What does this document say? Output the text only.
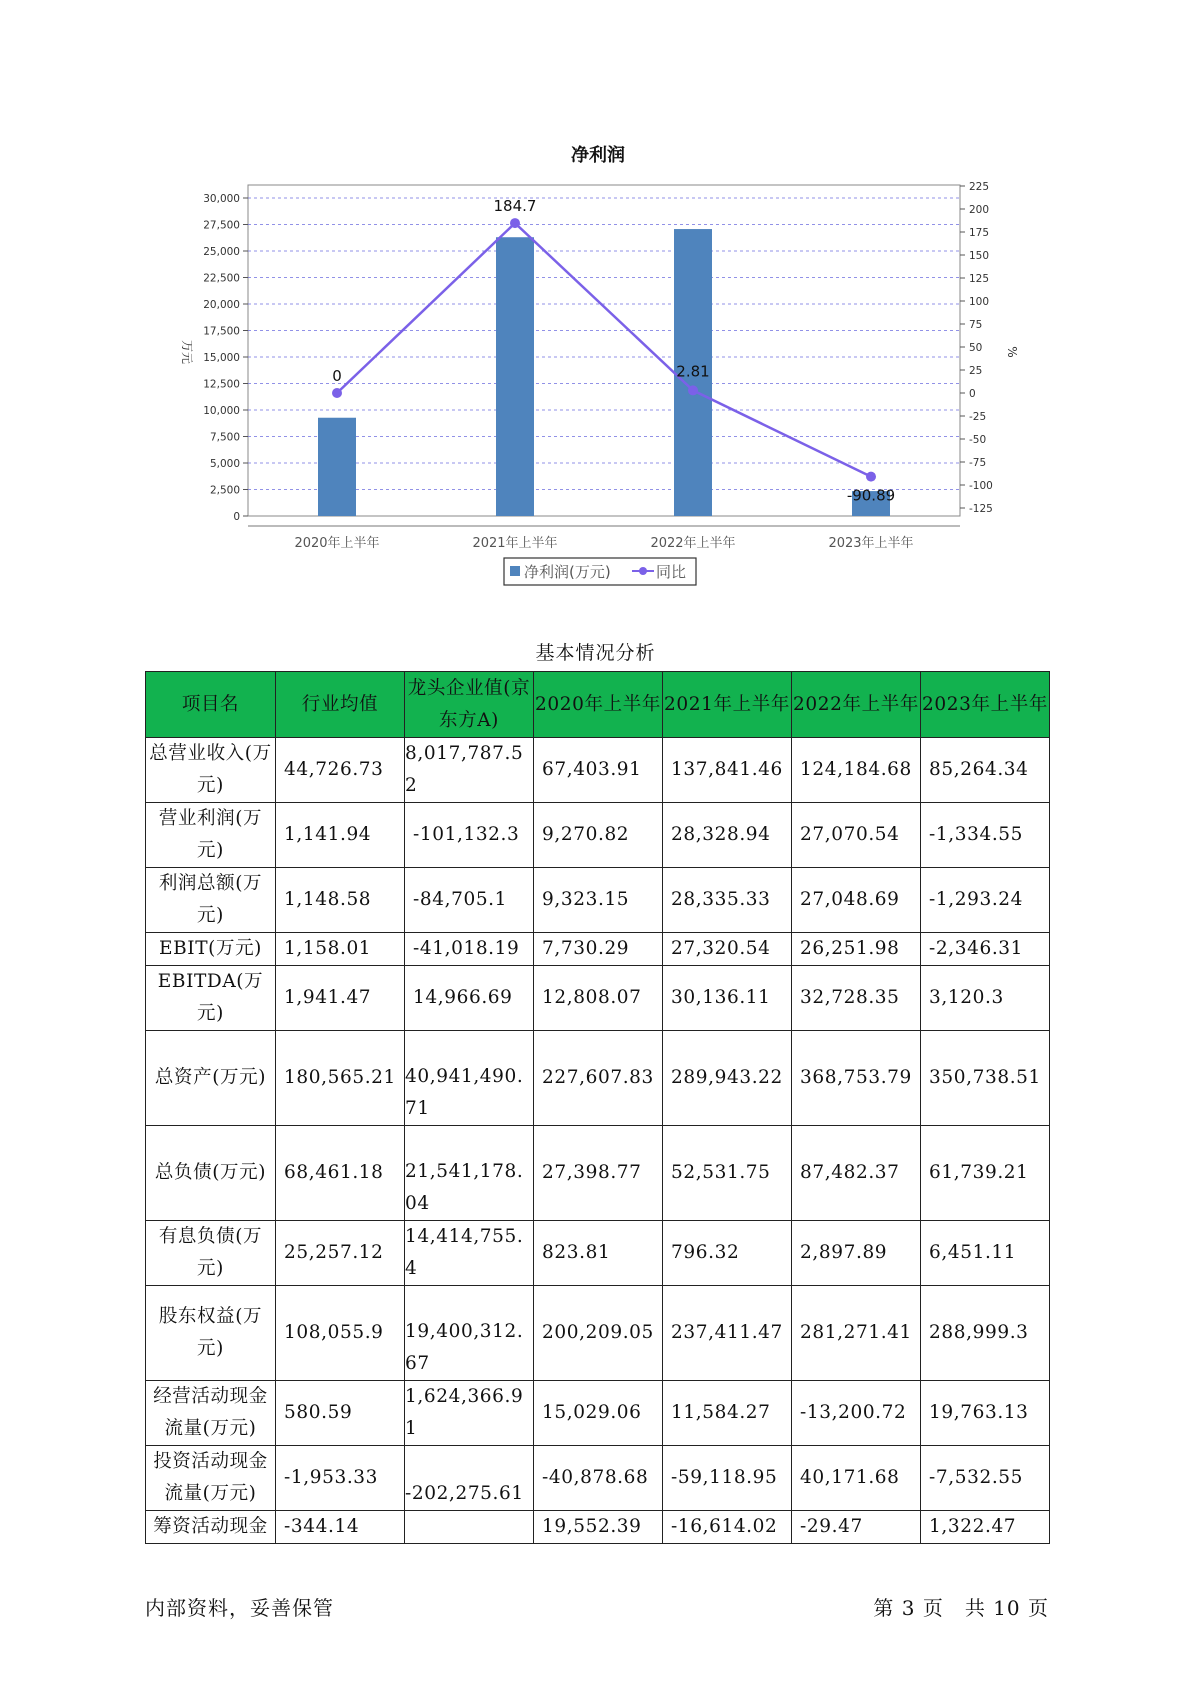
净利润
0
2,500
5,000
7,500
10,000
12,500
15,000
17,500
20,000
22,500
25,000
27,500
30,000
-125
-100
-75
-50
-25
0
25
50
75
100
125
150
175
200
225
0
184.7
2.81
-90.89
2020年上半年	2021年上半年	2022年上半年	2023年上半年
万元	%
净利润(万元)	同比
基本情况分析
项目名	行业均值	龙头企业值(京东方A)	2020年上半年	2021年上半年	2022年上半年	2023年上半年
总营业收入(万元)	44,726.73	8,017,787.52	67,403.91	137,841.46	124,184.68	85,264.34
营业利润(万元)	1,141.94	-101,132.3	9,270.82	28,328.94	27,070.54	-1,334.55
利润总额(万元)	1,148.58	-84,705.1	9,323.15	28,335.33	27,048.69	-1,293.24
EBIT(万元)	1,158.01	-41,018.19	7,730.29	27,320.54	26,251.98	-2,346.31
EBITDA(万元)	1,941.47	14,966.69	12,808.07	30,136.11	32,728.35	3,120.3
总资产(万元)	180,565.21	40,941,490.71	227,607.83	289,943.22	368,753.79	350,738.51
总负债(万元)	68,461.18	21,541,178.04	27,398.77	52,531.75	87,482.37	61,739.21
有息负债(万元)	25,257.12	14,414,755.4	823.81	796.32	2,897.89	6,451.11
股东权益(万元)	108,055.9	19,400,312.67	200,209.05	237,411.47	281,271.41	288,999.3
经营活动现金流量(万元)	580.59	1,624,366.91	15,029.06	11,584.27	-13,200.72	19,763.13
投资活动现金流量(万元)	-1,953.33	-202,275.61	-40,878.68	-59,118.95	40,171.68	-7,532.55
筹资活动现金	-344.14		19,552.39	-16,614.02	-29.47	1,322.47
内部资料，妥善保管	第 3 页　共 10 页
